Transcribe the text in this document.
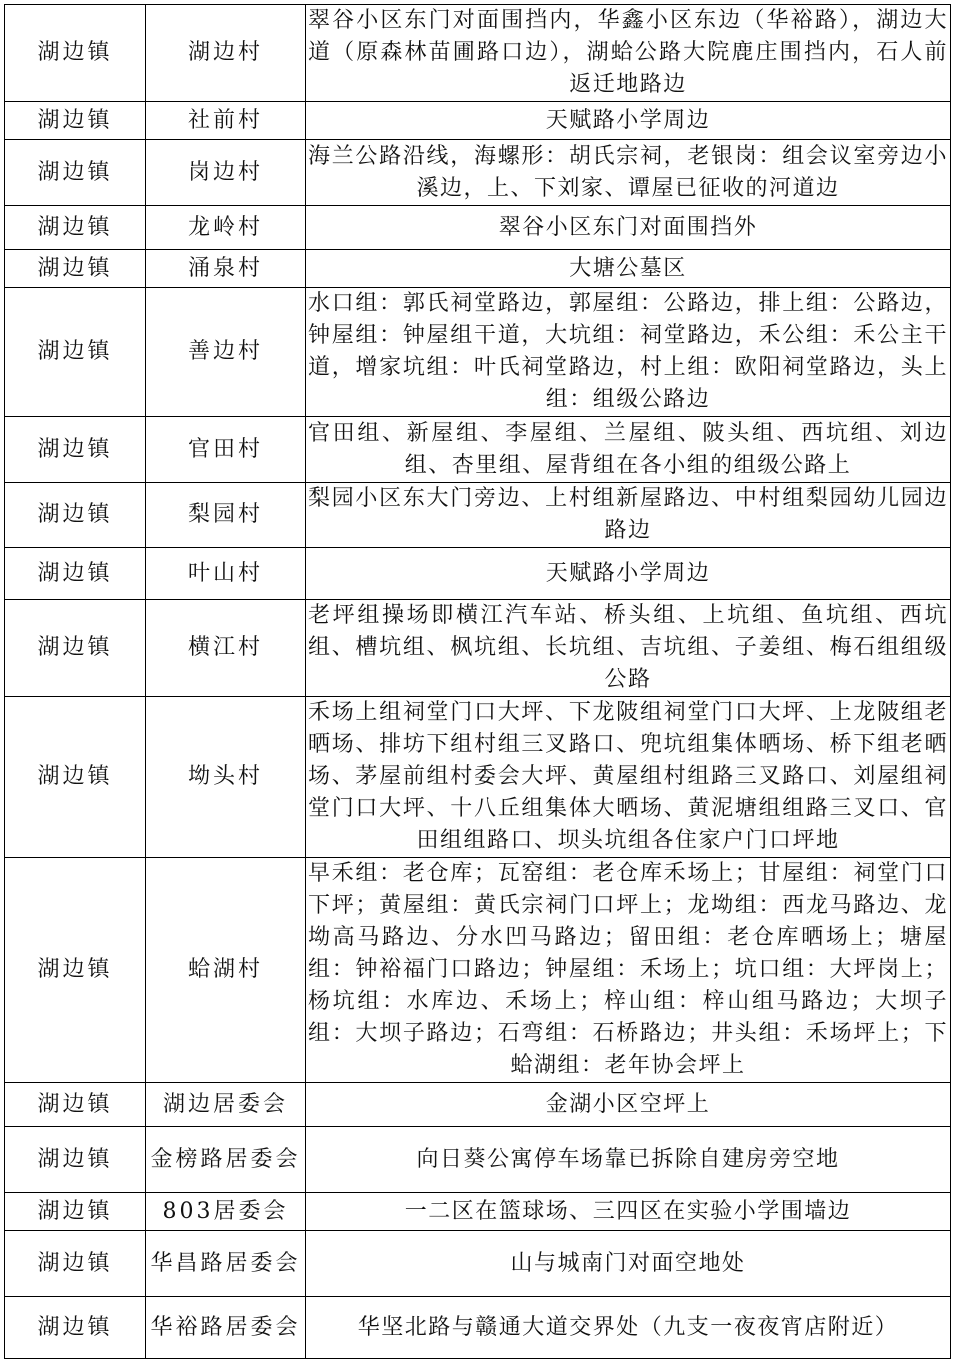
湖边镇	湖边村	翠谷小区东门对面围挡内，华鑫小区东边（华裕路），湖边大道（原森林苗圃路口边），湖蛤公路大院鹿庄围挡内，石人前返迁地路边
湖边镇	社前村	天赋路小学周边
湖边镇	岗边村	海兰公路沿线，海螺形：胡氏宗祠，老银岗：组会议室旁边小溪边，上、下刘家、谭屋已征收的河道边
湖边镇	龙岭村	翠谷小区东门对面围挡外
湖边镇	涌泉村	大塘公墓区
湖边镇	善边村	水口组：郭氏祠堂路边，郭屋组：公路边，排上组：公路边，钟屋组：钟屋组干道，大坑组：祠堂路边，禾公组：禾公主干道，增家坑组：叶氏祠堂路边，村上组：欧阳祠堂路边，头上组：组级公路边
湖边镇	官田村	官田组、新屋组、李屋组、兰屋组、陂头组、西坑组、刘边组、杏里组、屋背组在各小组的组级公路上
湖边镇	梨园村	梨园小区东大门旁边、上村组新屋路边、中村组梨园幼儿园边路边
湖边镇	叶山村	天赋路小学周边
湖边镇	横江村	老坪组操场即横江汽车站、桥头组、上坑组、鱼坑组、西坑组、槽坑组、枫坑组、长坑组、吉坑组、子姜组、梅石组组级公路
湖边镇	坳头村	禾场上组祠堂门口大坪、下龙陂组祠堂门口大坪、上龙陂组老晒场、排坊下组村组三叉路口、兜坑组集体晒场、桥下组老晒场、茅屋前组村委会大坪、黄屋组村组路三叉路口、刘屋组祠堂门口大坪、十八丘组集体大晒场、黄泥塘组组路三叉口、官田组组路口、坝头坑组各住家户门口坪地
湖边镇	蛤湖村	早禾组：老仓库；瓦窑组：老仓库禾场上；甘屋组：祠堂门口下坪；黄屋组：黄氏宗祠门口坪上；龙坳组：西龙马路边、龙坳高马路边、分水凹马路边；留田组：老仓库晒场上；塘屋组：钟裕福门口路边；钟屋组：禾场上；坑口组：大坪岗上；杨坑组：水库边、禾场上；梓山组：梓山组马路边；大坝子组：大坝子路边；石弯组：石桥路边；井头组：禾场坪上；下蛤湖组：老年协会坪上
湖边镇	湖边居委会	金湖小区空坪上
湖边镇	金榜路居委会	向日葵公寓停车场靠已拆除自建房旁空地
湖边镇	803居委会	一二区在篮球场、三四区在实验小学围墙边
湖边镇	华昌路居委会	山与城南门对面空地处
湖边镇	华裕路居委会	华坚北路与赣通大道交界处（九支一夜夜宵店附近）
